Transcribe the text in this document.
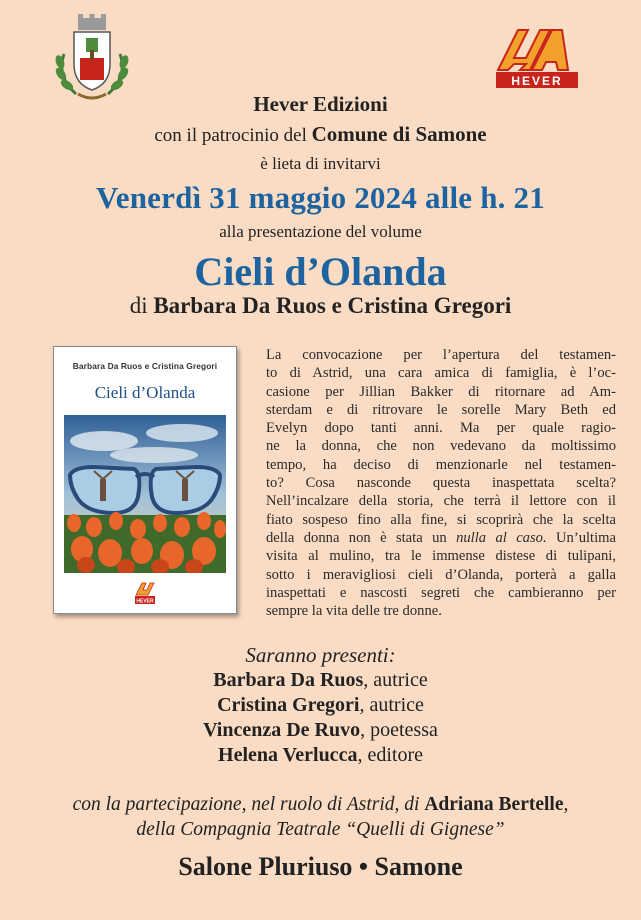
HEVER
Hever Edizioni
con il patrocinio del Comune di Samone
è lieta di invitarvi
Venerdì 31 maggio 2024 alle h. 21
alla presentazione del volume
Cieli d’Olanda
di Barbara Da Ruos e Cristina Gregori
Barbara Da Ruos e Cristina Gregori
Cieli d’Olanda
HEVER
La convocazione per l’apertura del testamen-
to di Astrid, una cara amica di famiglia, è l’oc-
casione per Jillian Bakker di ritornare ad Am-
sterdam e di ritrovare le sorelle Mary Beth ed
Evelyn dopo tanti anni. Ma per quale ragio-
ne la donna, che non vedevano da moltissimo
tempo, ha deciso di menzionarle nel testamen-
to? Cosa nasconde questa inaspettata scelta?
Nell’incalzare della storia, che terrà il lettore con il
fiato sospeso fino alla fine, si scoprirà che la scelta
della donna non è stata un nulla al caso. Un’ultima
visita al mulino, tra le immense distese di tulipani,
sotto i meravigliosi cieli d’Olanda, porterà a galla
inaspettati e nascosti segreti che cambieranno per
sempre la vita delle tre donne.
Saranno presenti:
Barbara Da Ruos, autrice
Cristina Gregori, autrice
Vincenza De Ruvo, poetessa
Helena Verlucca, editore
con la partecipazione, nel ruolo di Astrid, di Adriana Bertelle,
della Compagnia Teatrale “Quelli di Gignese”
Salone Pluriuso • Samone
